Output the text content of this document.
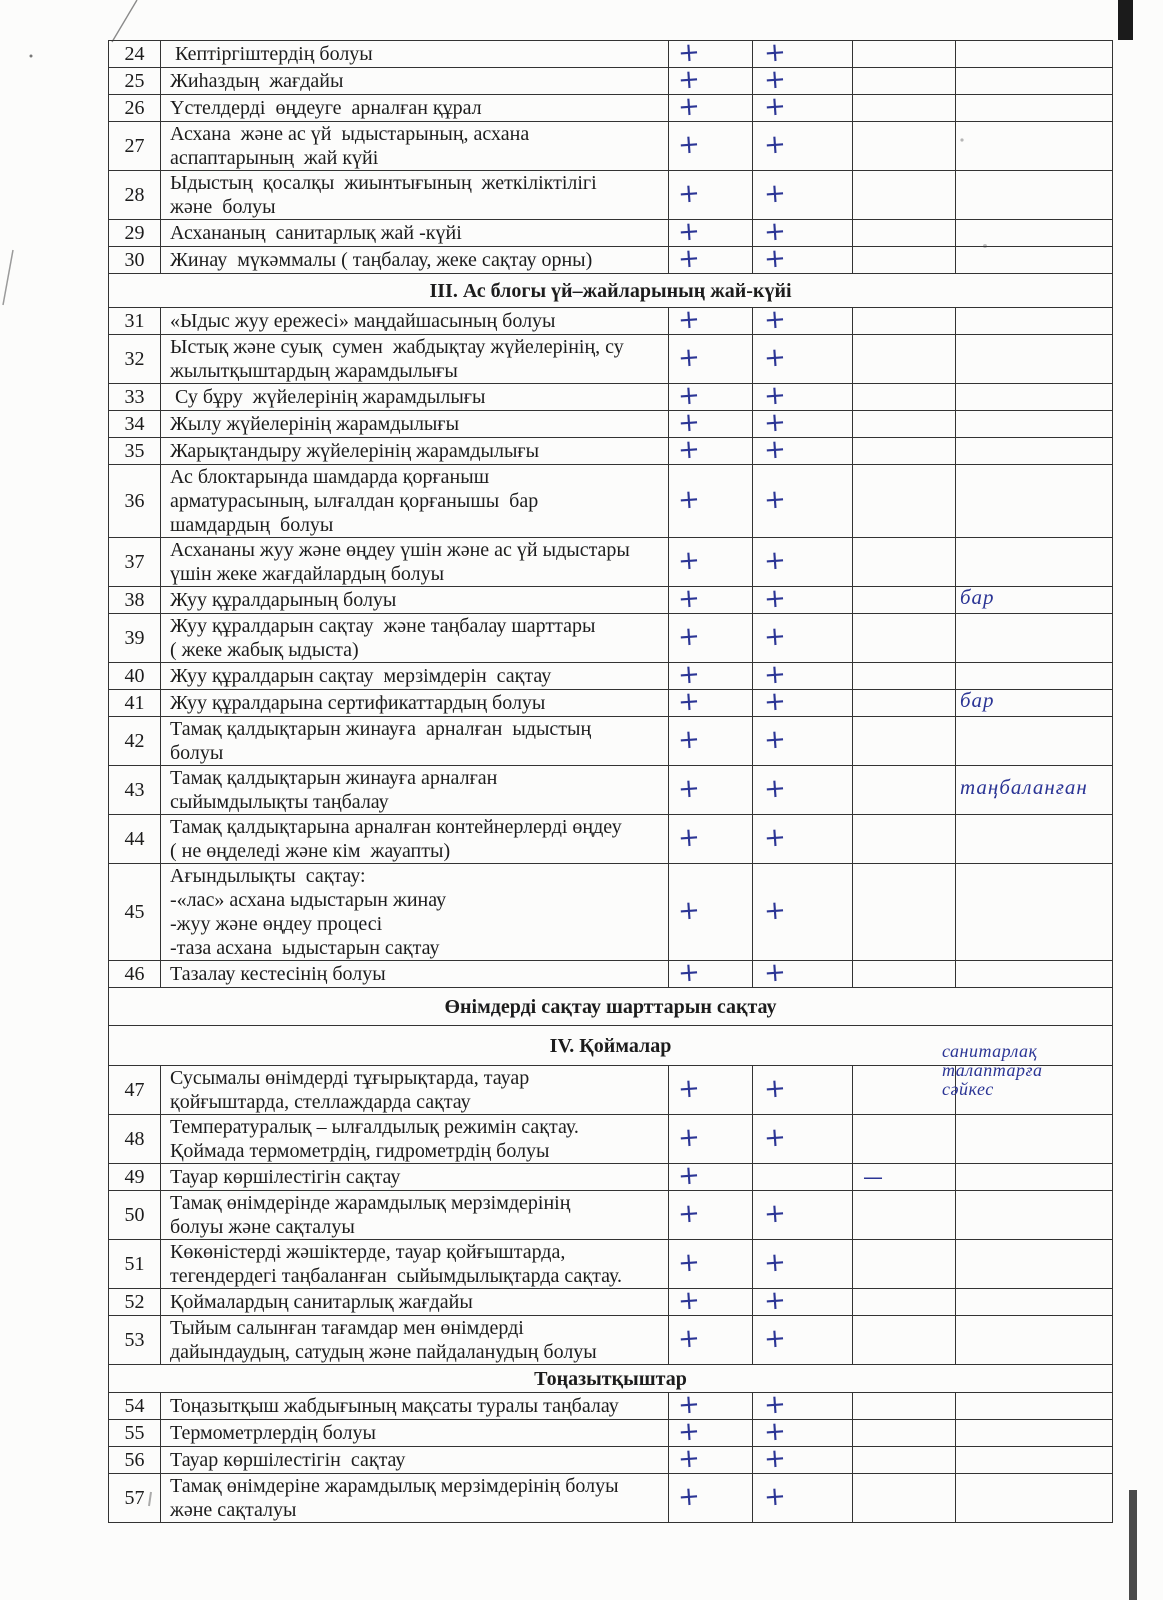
24	Кептіргіштердің болуы	+	+		
25	Жиһаздың  жағдайы	+	+		
26	Үстелдерді  өңдеуге  арналған құрал	+	+		
27	Асхана  және ас үй  ыдыстарының, асхана
аспаптарының  жай күйі	+	+		
28	Ыдыстың  қосалқы  жиынтығының  жеткіліктілігі
және  болуы	+	+		
29	Асхананың  санитарлық жай -күйі	+	+		
30	Жинау  мүкәммалы ( таңбалау, жеке сақтау орны)	+	+		
III. Ас блогы үй–жайларының жай-күйі					
31	«Ыдыс жуу ережесі» маңдайшасының болуы	+	+		
32	Ыстық және суық  сумен  жабдықтау жүйелерінің, су
жылытқыштардың жарамдылығы	+	+		
33	Су бұру  жүйелерінің жарамдылығы	+	+		
34	Жылу жүйелерінің жарамдылығы	+	+		
35	Жарықтандыру жүйелерінің жарамдылығы	+	+		
36	Ас блоктарында шамдарда қорғаныш
арматурасының, ылғалдан қорғанышы  бар
шамдардың  болуы	+	+		
37	Асхананы жуу және өңдеу үшін және ас үй ыдыстары
үшін жеке жағдайлардың болуы	+	+		
38	Жуу құралдарының болуы	+	+		бар

39	Жуу құралдарын сақтау  және таңбалау шарттары
( жеке жабық ыдыста)	+	+		
40	Жуу құралдарын сақтау  мерзімдерін  сақтау	+	+		
41	Жуу құралдарына сертификаттардың болуы	+	+		бар

42	Тамақ қалдықтарын жинауға  арналған  ыдыстың
болуы	+	+		
43	Тамақ қалдықтарын жинауға арналған
сыйымдылықты таңбалау	+	+		таңбаланған

44	Тамақ қалдықтарына арналған контейнерлерді өңдеу
( не өңделеді және кім  жауапты)	+	+		
45	Ағындылықты  сақтау:
-«лас» асхана ыдыстарын жинау
-жуу және өңдеу процесі
-таза асхана  ыдыстарын сақтау	+	+		
46	Тазалау кестесінің болуы	+	+		
Өнімдерді сақтау шарттарын сақтау					
IV. Қоймалар					
47	Сусымалы өнімдерді тұғырықтарда, тауар
қойғыштарда, стеллаждарда сақтау	+	+		санитарлақ
талаптарға
сәйкес

48	Температуралық – ылғалдылық режимін сақтау.
Қоймада термометрдің, гидрометрдің болуы	+	+		
49	Тауар көршілестігін сақтау	+		—	
50	Тамақ өнімдерінде жарамдылық мерзімдерінің
болуы және сақталуы	+	+		
51	Көкөністерді жәшіктерде, тауар қойғыштарда,
тегендердегі таңбаланған  сыйымдылықтарда сақтау.	+	+		
52	Қоймалардың санитарлық жағдайы	+	+		
53	Тыйым салынған тағамдар мен өнімдерді
дайындаудың, сатудың және пайдаланудың болуы	+	+		
Тоңазытқыштар					
54	Тоңазытқыш жабдығының мақсаты туралы таңбалау	+	+		
55	Термометрлердің болуы	+	+		
56	Тауар көршілестігін  сақтау	+	+		
57	Тамақ өнімдеріне жарамдылық мерзімдерінің болуы
және сақталуы	+	+		
